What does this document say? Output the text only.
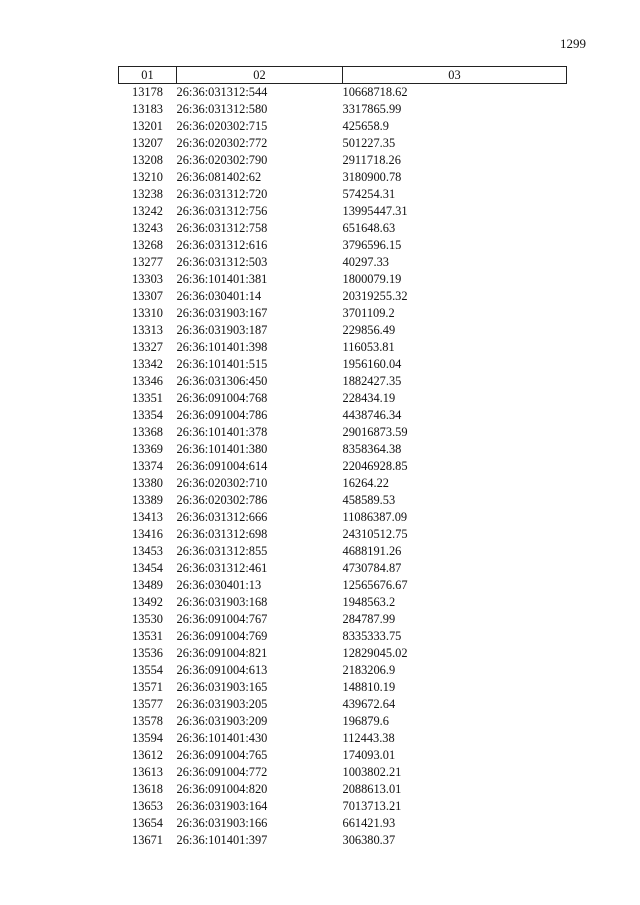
1299
01	02	03
13178	26:36:031312:544	10668718.62
13183	26:36:031312:580	3317865.99
13201	26:36:020302:715	425658.9
13207	26:36:020302:772	501227.35
13208	26:36:020302:790	2911718.26
13210	26:36:081402:62	3180900.78
13238	26:36:031312:720	574254.31
13242	26:36:031312:756	13995447.31
13243	26:36:031312:758	651648.63
13268	26:36:031312:616	3796596.15
13277	26:36:031312:503	40297.33
13303	26:36:101401:381	1800079.19
13307	26:36:030401:14	20319255.32
13310	26:36:031903:167	3701109.2
13313	26:36:031903:187	229856.49
13327	26:36:101401:398	116053.81
13342	26:36:101401:515	1956160.04
13346	26:36:031306:450	1882427.35
13351	26:36:091004:768	228434.19
13354	26:36:091004:786	4438746.34
13368	26:36:101401:378	29016873.59
13369	26:36:101401:380	8358364.38
13374	26:36:091004:614	22046928.85
13380	26:36:020302:710	16264.22
13389	26:36:020302:786	458589.53
13413	26:36:031312:666	11086387.09
13416	26:36:031312:698	24310512.75
13453	26:36:031312:855	4688191.26
13454	26:36:031312:461	4730784.87
13489	26:36:030401:13	12565676.67
13492	26:36:031903:168	1948563.2
13530	26:36:091004:767	284787.99
13531	26:36:091004:769	8335333.75
13536	26:36:091004:821	12829045.02
13554	26:36:091004:613	2183206.9
13571	26:36:031903:165	148810.19
13577	26:36:031903:205	439672.64
13578	26:36:031903:209	196879.6
13594	26:36:101401:430	112443.38
13612	26:36:091004:765	174093.01
13613	26:36:091004:772	1003802.21
13618	26:36:091004:820	2088613.01
13653	26:36:031903:164	7013713.21
13654	26:36:031903:166	661421.93
13671	26:36:101401:397	306380.37
